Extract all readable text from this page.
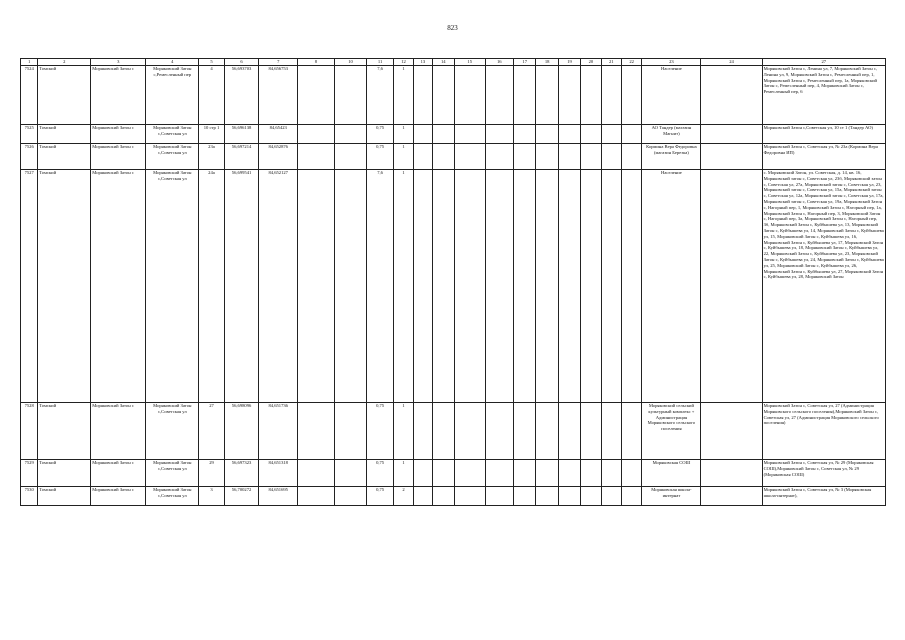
823
1	2	3	4	5	6	7	8	10	11	12	13	14	15	16	17	18	19	20	21	22	23	24	27
7524	Томский	Моряковский Затон с	Моряковский Затон с,Ремесленный пер	4	56,693703	84,656753			7,6	1											Население		Моряковский Затон с, Ленина ул, 7, Моряковский Затон с, Ленина ул, 9, Моряковский Затон с, Ремесленный пер, 1, Моряковский Затон с, Ремесленный пер, 1а, Моряковский Затон с, Ремесленный пер, 4, Моряковский Затон с, Ремесленный пер, 6
7525	Томский	Моряковский Затон с	Моряковский Затон с,Советская ул	10 стр 1	56,696138	84,65423			0,75	1											АО Тандер (магазин Магнит)		Моряковский Затон с,Советская ул, 10 ст 1 (Тандер АО)
7526	Томский	Моряковский Затон с	Моряковский Затон с,Советская ул	23а	56,697214	84,652876			0,75	1											Кормина Вера Федоровна (магазин Березка)		Моряковский Затон с, Советская ул, № 23а (Кормина Вера Федоровна ИП)
7527	Томский	Моряковский Затон с	Моряковский Затон с,Советская ул	24а	56,699541	84,652127			7,6	1											Население		с. Моряковский Затон, ул. Советская, д. 14, кв. 16, Моряковский затон с, Советская ул, 23б, Моряковский затон с, Советская ул, 27а, Моряковский затон с, Советская ул, 23, Моряковский затон с, Советская ул, 15а, Моряковский затон с, Советская ул, 12а, Моряковский затон с, Советская ул, 17а, Моряковский затон с, Советская ул, 19а, Моряковский Затон с, Нагорный пер, 1, Моряковский Затон с, Нагорный пер, 1а, Моряковский Затон с, Нагорный пер, 3, Моряковский Затон с, Нагорный пер, 3а, Моряковский Затон с, Нагорный пер, 3б, Моряковский Затон с, Куйбышева ул, 13, Моряковский Затон с, Куйбышева ул, 14, Моряковский Затон с, Куйбышева ул, 15, Моряковский Затон с, Куйбышева ул, 16, Моряковский Затон с, Куйбышева ул, 17, Моряковский Затон с, Куйбышева ул, 18, Моряковский Затон с, Куйбышева ул, 22, Моряковский Затон с, Куйбышева ул, 23, Моряковский Затон с, Куйбышева ул, 24, Моряковский Затон с, Куйбышева ул, 25, Моряковский Затон с, Куйбышева ул, 26, Моряковский Затон с, Куйбышева ул, 27, Моряковский Затон с, Куйбышева ул, 28, Моряковский Затон
7528	Томский	Моряковский Затон с	Моряковский Затон с,Советская ул	27	56,698096	84,651736			0,75	1											Моряковский сельский культурный комплекс + Администрация Моряковского сельского поселения		Моряковский Затон с, Советская ул, 27 (Администрация Моряковского сельского поселения),Моряковский Затон с, Советская ул, 27 (Администрация Моряковского сельского поселения)
7529	Томский	Моряковский Затон с	Моряковский Затон с,Советская ул	29	56,697323	84,651318			0,75	1											Моряковская СОШ		Моряковский Затон с, Советская ул, № 29 (Моряковская СОШ),Моряковский Затон с, Советская ул, № 29 (Моряковская СОШ)
7530	Томский	Моряковский Затон с	Моряковский Затон с,Советская ул	3	56,700272	84,651695			0,75	2											Моряковская школа-интернат		Моряковский Затон с, Советская ул, № 3 (Моряковская школа-интернат),
